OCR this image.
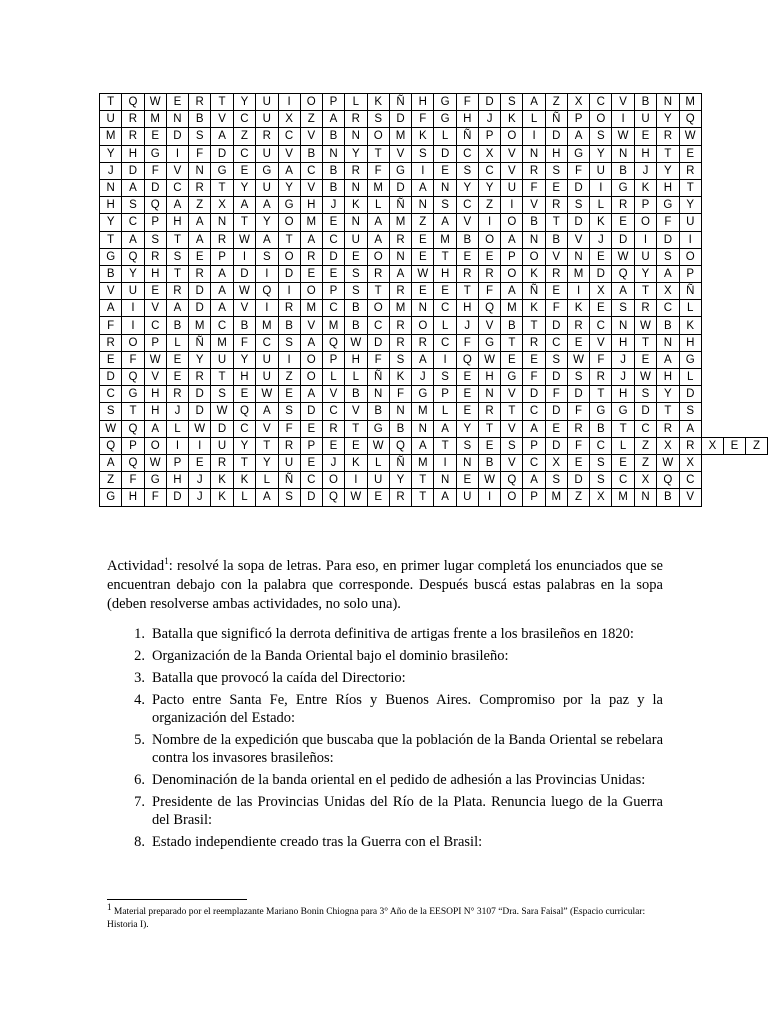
T	Q	W	E	R	T	Y	U	I	O	P	L	K	Ñ	H	G	F	D	S	A	Z	X	C	V	B	N	M			
U	R	M	N	B	V	C	U	X	Z	A	R	S	D	F	G	H	J	K	L	Ñ	P	O	I	U	Y	Q			
M	R	E	D	S	A	Z	R	C	V	B	N	O	M	K	L	Ñ	P	O	I	D	A	S	W	E	R	W			
Y	H	G	I	F	D	C	U	V	B	N	Y	T	V	S	D	C	X	V	N	H	G	Y	N	H	T	E			
J	D	F	V	N	G	E	G	A	C	B	R	F	G	I	E	S	C	V	R	S	F	U	B	J	Y	R			
N	A	D	C	R	T	Y	U	Y	V	B	N	M	D	A	N	Y	Y	U	F	E	D	I	G	K	H	T			
H	S	Q	A	Z	X	A	A	G	H	J	K	L	Ñ	N	S	C	Z	I	V	R	S	L	R	P	G	Y			
Y	C	P	H	A	N	T	Y	O	M	E	N	A	M	Z	A	V	I	O	B	T	D	K	E	O	F	U			
T	A	S	T	A	R	W	A	T	A	C	U	A	R	E	M	B	O	A	N	B	V	J	D	I	D	I			
G	Q	R	S	E	P	I	S	O	R	D	E	O	N	E	T	E	E	P	O	V	N	E	W	U	S	O			
B	Y	H	T	R	A	D	I	D	E	E	S	R	A	W	H	R	R	O	K	R	M	D	Q	Y	A	P			
V	U	E	R	D	A	W	Q	I	O	P	S	T	R	E	E	T	F	A	Ñ	E	I	X	A	T	X	Ñ			
A	I	V	A	D	A	V	I	R	M	C	B	O	M	N	C	H	Q	M	K	F	K	E	S	R	C	L			
F	I	C	B	M	C	B	M	B	V	M	B	C	R	O	L	J	V	B	T	D	R	C	N	W	B	K			
R	O	P	L	Ñ	M	F	C	S	A	Q	W	D	R	R	C	F	G	T	R	C	E	V	H	T	N	H			
E	F	W	E	Y	U	Y	U	I	O	P	H	F	S	A	I	Q	W	E	E	S	W	F	J	E	A	G			
D	Q	V	E	R	T	H	U	Z	O	L	L	Ñ	K	J	S	E	H	G	F	D	S	R	J	W	H	L			
C	G	H	R	D	S	E	W	E	A	V	B	N	F	G	P	E	N	V	D	F	D	T	H	S	Y	D			
S	T	H	J	D	W	Q	A	S	D	C	V	B	N	M	L	E	R	T	C	D	F	G	G	D	T	S			
W	Q	A	L	W	D	C	V	F	E	R	T	G	B	N	A	Y	T	V	A	E	R	B	T	C	R	A			
Q	P	O	I	I	U	Y	T	R	P	E	E	W	Q	A	T	S	E	S	P	D	F	C	L	Z	X	R	X	E	Z
A	Q	W	P	E	R	T	Y	U	E	J	K	L	Ñ	M	I	N	B	V	C	X	E	S	E	Z	W	X			
Z	F	G	H	J	K	K	L	Ñ	C	O	I	U	Y	T	N	E	W	Q	A	S	D	S	C	X	Q	C			
G	H	F	D	J	K	L	A	S	D	Q	W	E	R	T	A	U	I	O	P	M	Z	X	M	N	B	V			

Actividad$^1$: resolvé la sopa de letras. Para eso, en primer lugar completá los enunciados que se encuentran debajo con la palabra que corresponde. Después buscá estas palabras en la sopa (deben resolverse ambas actividades, no solo una).

1. Batalla que significó la derrota definitiva de artigas frente a los brasileños en 1820:
2. Organización de la Banda Oriental bajo el dominio brasileño:
3. Batalla que provocó la caída del Directorio:
4. Pacto entre Santa Fe, Entre Ríos y Buenos Aires. Compromiso por la paz y la organización del Estado:
5. Nombre de la expedición que buscaba que la población de la Banda Oriental se rebelara contra los invasores brasileños:
6. Denominación de la banda oriental en el pedido de adhesión a las Provincias Unidas:
7. Presidente de las Provincias Unidas del Río de la Plata. Renuncia luego de la Guerra del Brasil:
8. Estado independiente creado tras la Guerra con el Brasil:

$^1$ Material preparado por el reemplazante Mariano Bonin Chiogna para 3° Año de la EESOPI N° 3107 “Dra. Sara Faisal” (Espacio curricular: Historia I).
